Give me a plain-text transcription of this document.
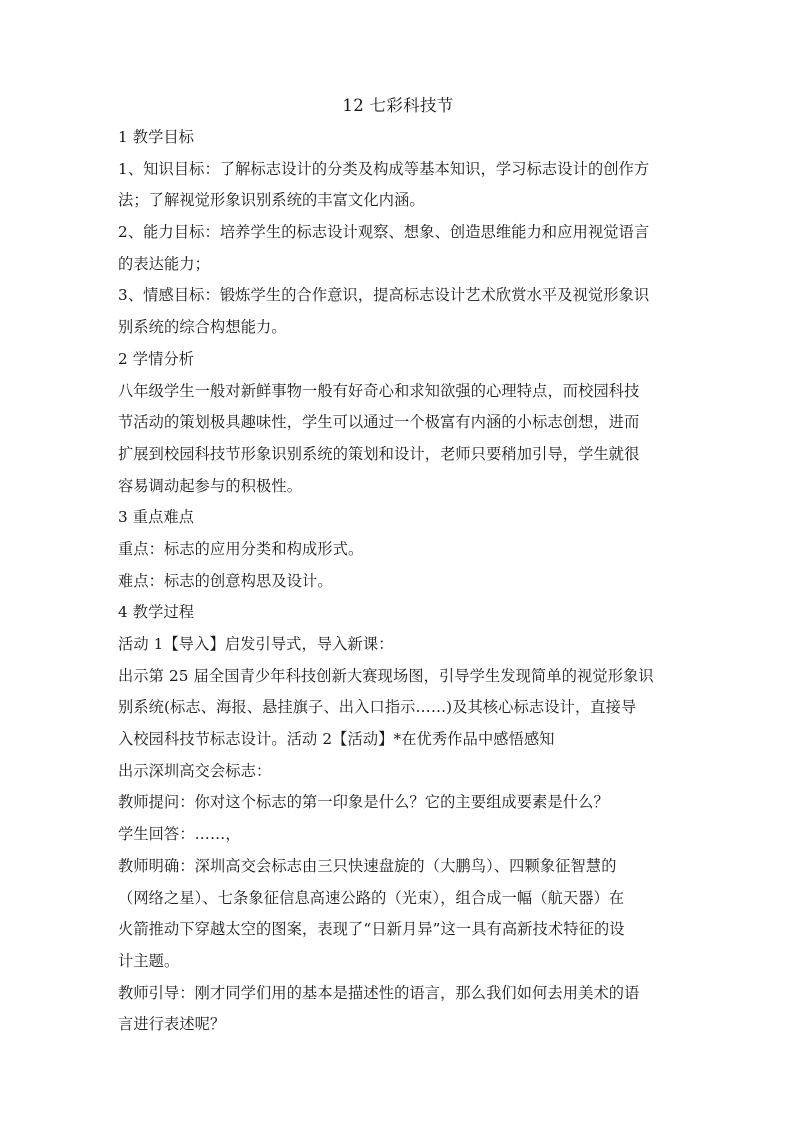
12 七彩科技节
1 教学目标
1、知识目标：了解标志设计的分类及构成等基本知识，学习标志设计的创作方
法；了解视觉形象识别系统的丰富文化内涵。
2、能力目标：培养学生的标志设计观察、想象、创造思维能力和应用视觉语言
的表达能力；
3、情感目标：锻炼学生的合作意识，提高标志设计艺术欣赏水平及视觉形象识
别系统的综合构想能力。
2 学情分析
八年级学生一般对新鲜事物一般有好奇心和求知欲强的心理特点，而校园科技
节活动的策划极具趣味性，学生可以通过一个极富有内涵的小标志创想，进而
扩展到校园科技节形象识别系统的策划和设计，老师只要稍加引导，学生就很
容易调动起参与的积极性。
3 重点难点
重点：标志的应用分类和构成形式。
难点：标志的创意构思及设计。
4 教学过程
活动 1【导入】启发引导式，导入新课：
出示第 25 届全国青少年科技创新大赛现场图，引导学生发现简单的视觉形象识
别系统(标志、海报、悬挂旗子、出入口指示……)及其核心标志设计，直接导
入校园科技节标志设计。活动 2【活动】*在优秀作品中感悟感知
出示深圳高交会标志：
教师提问：你对这个标志的第一印象是什么？它的主要组成要素是什么？
学生回答：……，
教师明确：深圳高交会标志由三只快速盘旋的（大鹏鸟）、四颗象征智慧的
（网络之星）、七条象征信息高速公路的（光束），组合成一幅（航天器）在
火箭推动下穿越太空的图案，表现了“日新月异”这一具有高新技术特征的设
计主题。
教师引导：刚才同学们用的基本是描述性的语言，那么我们如何去用美术的语
言进行表述呢？
